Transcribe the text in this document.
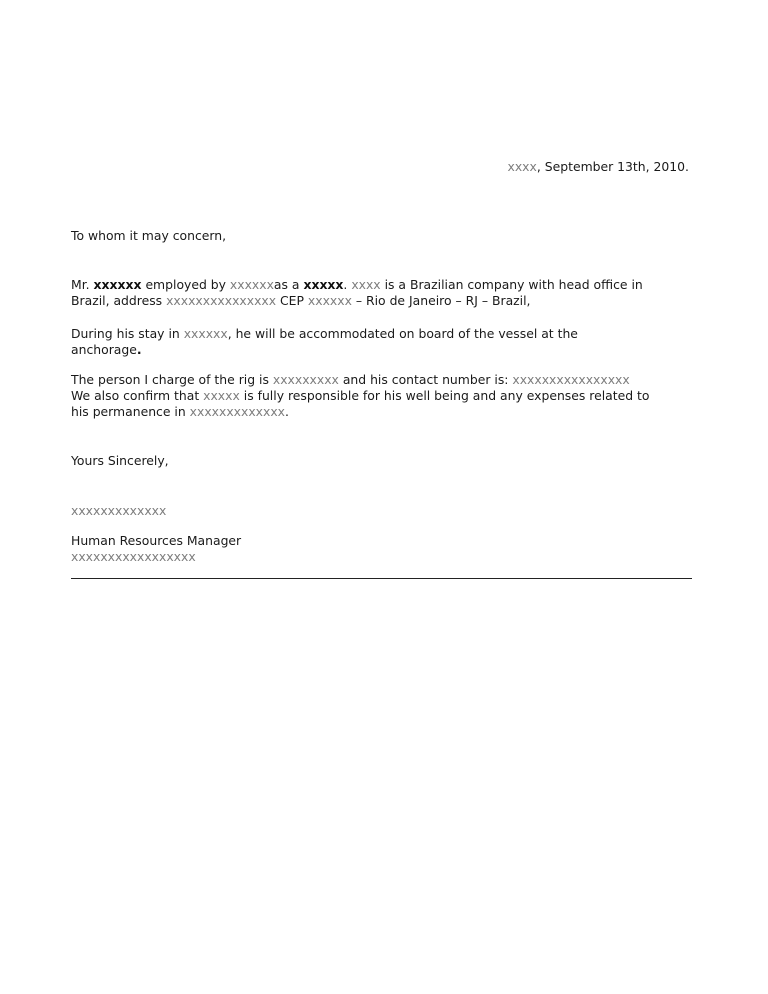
xxxx, September 13th, 2010.
To whom it may concern,
Mr. xxxxxx employed by xxxxxxas a xxxxx. xxxx is a Brazilian company with head office in
Brazil, address xxxxxxxxxxxxxxx CEP xxxxxx – Rio de Janeiro – RJ – Brazil,
During his stay in xxxxxx, he will be accommodated on board of the vessel at the
anchorage.
The person I charge of the rig is xxxxxxxxx and his contact number is: xxxxxxxxxxxxxxxx
We also confirm that xxxxx is fully responsible for his well being and any expenses related to
his permanence in xxxxxxxxxxxxx.
Yours Sincerely,
xxxxxxxxxxxxx
Human Resources Manager
xxxxxxxxxxxxxxxxx
